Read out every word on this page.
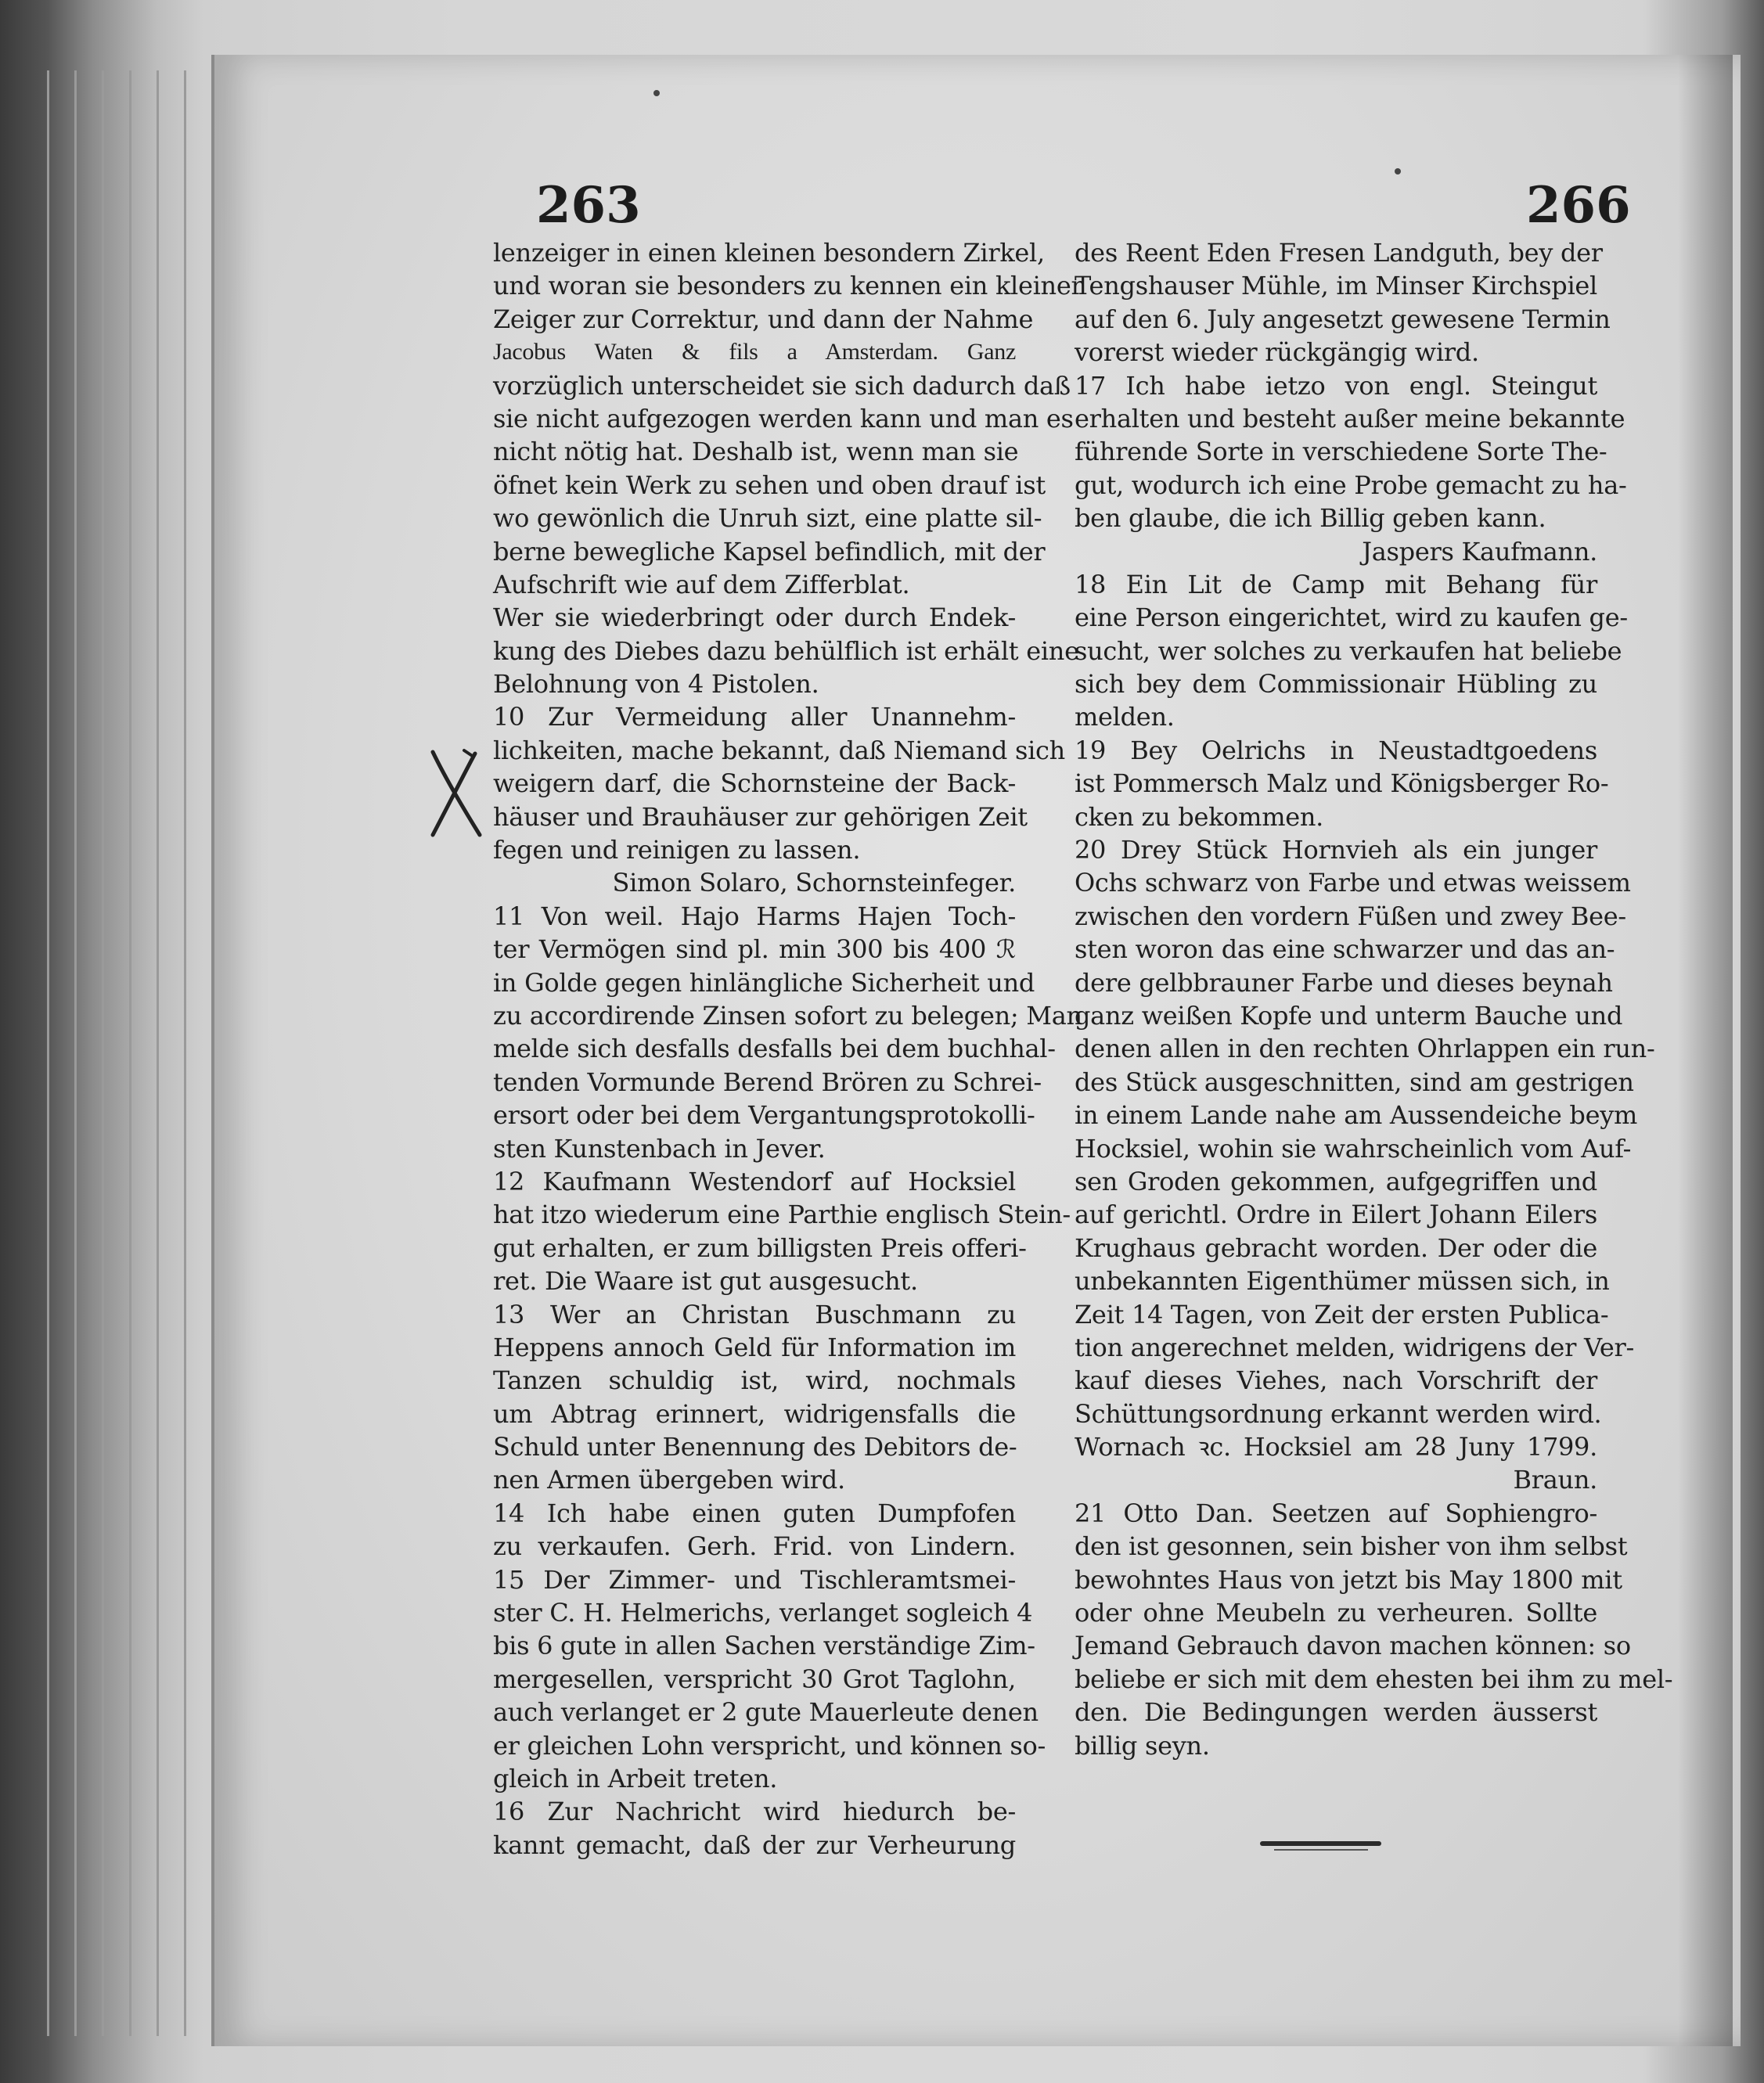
263	266
lenzeiger in einen kleinen besondern Zirkel,
und woran sie besonders zu kennen ein kleiner
Zeiger zur Correktur, und dann der Nahme
Jacobus Waten & fils a Amsterdam. Ganz
vorzüglich unterscheidet sie sich dadurch daß
sie nicht aufgezogen werden kann und man es
nicht nötig hat. Deshalb ist, wenn man sie
öfnet kein Werk zu sehen und oben drauf ist
wo gewönlich die Unruh sizt, eine platte sil-
berne bewegliche Kapsel befindlich, mit der
Aufschrift wie auf dem Zifferblat.
Wer sie wiederbringt oder durch Endek-
kung des Diebes dazu behülflich ist erhält eine
Belohnung von 4 Pistolen.
10 Zur Vermeidung aller Unannehm-
lichkeiten, mache bekannt, daß Niemand sich
weigern darf, die Schornsteine der Back-
häuser und Brauhäuser zur gehörigen Zeit
fegen und reinigen zu lassen.
Simon Solaro, Schornsteinfeger.
11 Von weil. Hajo Harms Hajen Toch-
ter Vermögen sind pl. min 300 bis 400 ℛ
in Golde gegen hinlängliche Sicherheit und
zu accordirende Zinsen sofort zu belegen; Man
melde sich desfalls desfalls bei dem buchhal-
tenden Vormunde Berend Brören zu Schrei-
ersort oder bei dem Vergantungsprotokolli-
sten Kunstenbach in Jever.
12 Kaufmann Westendorf auf Hocksiel
hat itzo wiederum eine Parthie englisch Stein-
gut erhalten, er zum billigsten Preis offeri-
ret. Die Waare ist gut ausgesucht.
13 Wer an Christan Buschmann zu
Heppens annoch Geld für Information im
Tanzen schuldig ist, wird, nochmals
um Abtrag erinnert, widrigensfalls die
Schuld unter Benennung des Debitors de-
nen Armen übergeben wird.
14 Ich habe einen guten Dumpfofen
zu verkaufen. Gerh. Frid. von Lindern.
15 Der Zimmer- und Tischleramtsmei-
ster C. H. Helmerichs, verlanget sogleich 4
bis 6 gute in allen Sachen verständige Zim-
mergesellen, verspricht 30 Grot Taglohn,
auch verlanget er 2 gute Mauerleute denen
er gleichen Lohn verspricht, und können so-
gleich in Arbeit treten.
16 Zur Nachricht wird hiedurch be-
kannt gemacht, daß der zur Verheurung
des Reent Eden Fresen Landguth, bey der
Tengshauser Mühle, im Minser Kirchspiel
auf den 6. July angesetzt gewesene Termin
vorerst wieder rückgängig wird.
17 Ich habe ietzo von engl. Steingut
erhalten und besteht außer meine bekannte
führende Sorte in verschiedene Sorte The-
gut, wodurch ich eine Probe gemacht zu ha-
ben glaube, die ich Billig geben kann.
Jaspers Kaufmann.
18 Ein Lit de Camp mit Behang für
eine Person eingerichtet, wird zu kaufen ge-
sucht, wer solches zu verkaufen hat beliebe
sich bey dem Commissionair Hübling zu
melden.
19 Bey Oelrichs in Neustadtgoedens
ist Pommersch Malz und Königsberger Ro-
cken zu bekommen.
20 Drey Stück Hornvieh als ein junger
Ochs schwarz von Farbe und etwas weissem
zwischen den vordern Füßen und zwey Bee-
sten woron das eine schwarzer und das an-
dere gelbbrauner Farbe und dieses beynah
ganz weißen Kopfe und unterm Bauche und
denen allen in den rechten Ohrlappen ein run-
des Stück ausgeschnitten, sind am gestrigen
in einem Lande nahe am Aussendeiche beym
Hocksiel, wohin sie wahrscheinlich vom Auf-
sen Groden gekommen, aufgegriffen und
auf gerichtl. Ordre in Eilert Johann Eilers
Krughaus gebracht worden. Der oder die
unbekannten Eigenthümer müssen sich, in
Zeit 14 Tagen, von Zeit der ersten Publica-
tion angerechnet melden, widrigens der Ver-
kauf dieses Viehes, nach Vorschrift der
Schüttungsordnung erkannt werden wird.
Wornach ꝛc. Hocksiel am 28 Juny 1799.
Braun.
21 Otto Dan. Seetzen auf Sophiengro-
den ist gesonnen, sein bisher von ihm selbst
bewohntes Haus von jetzt bis May 1800 mit
oder ohne Meubeln zu verheuren. Sollte
Jemand Gebrauch davon machen können: so
beliebe er sich mit dem ehesten bei ihm zu mel-
den. Die Bedingungen werden äusserst
billig seyn.
